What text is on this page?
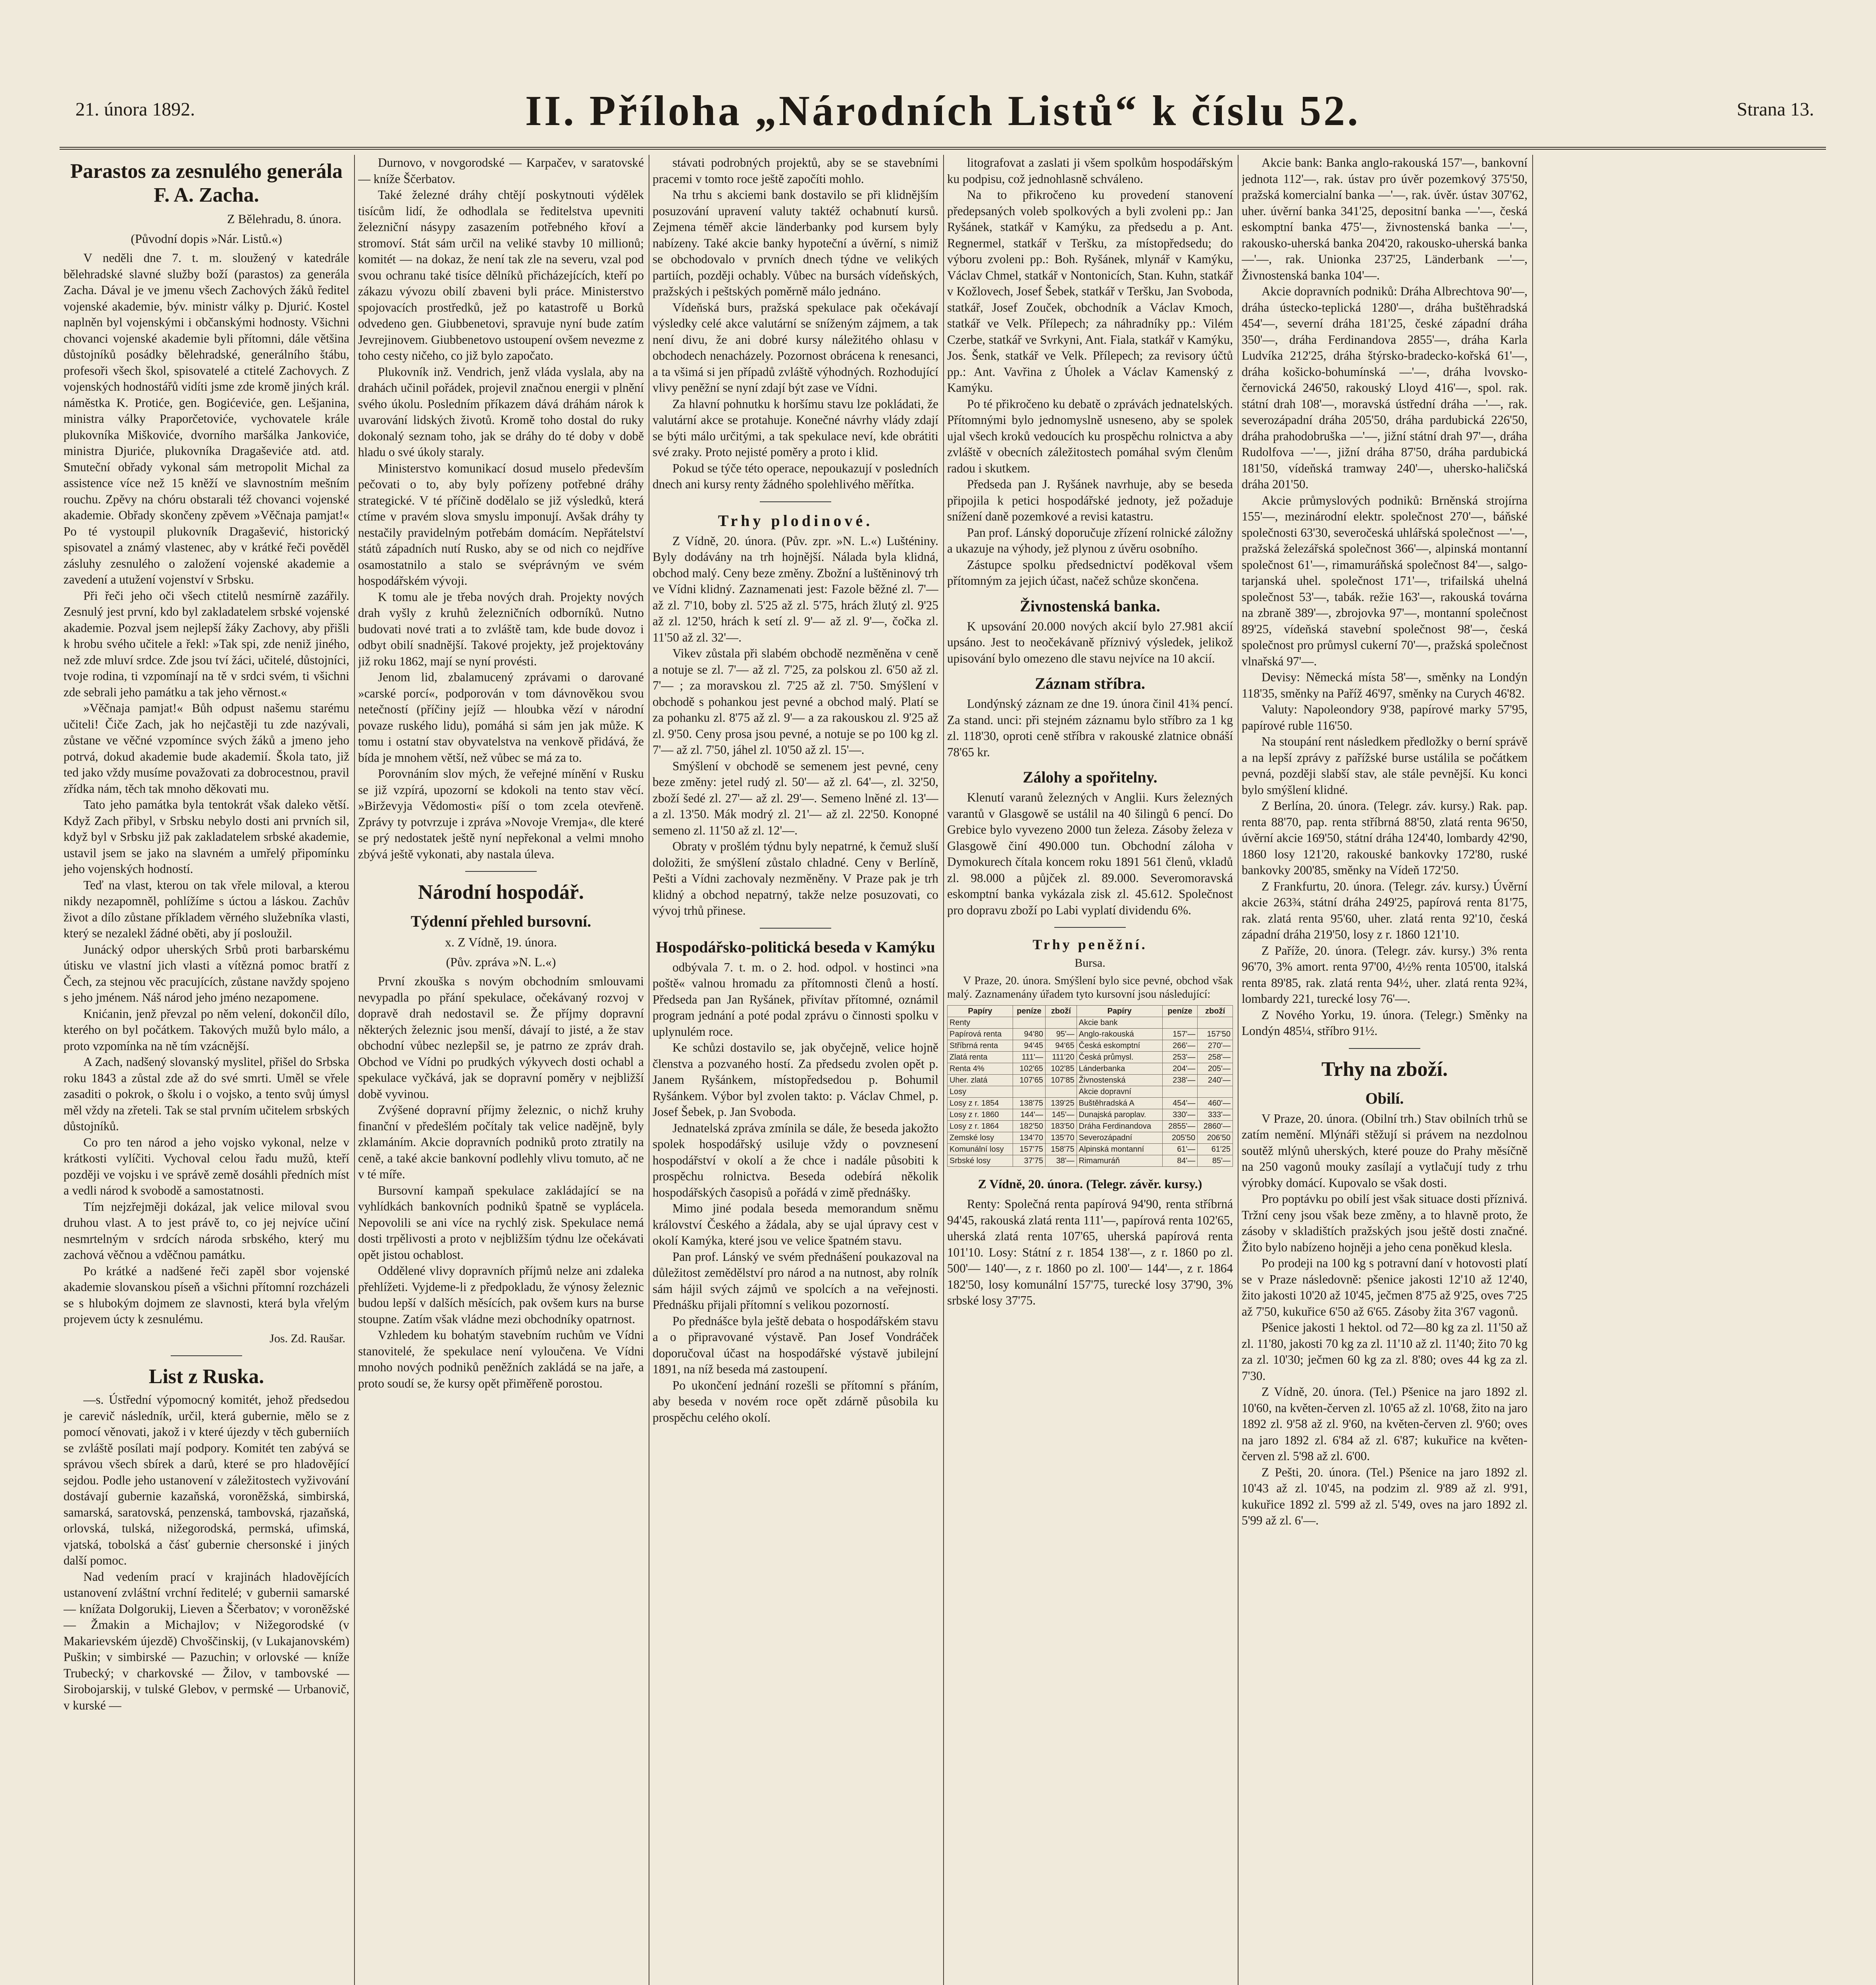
21. února 1892.	II. Příloha „Národních Listů“ k číslu 52.	Strana 13.
Parastos za zesnulého generála F. A. Zacha.
Z Bělehradu, 8. února.
(Původní dopis »Nár. Listů.«)

V neděli dne 7. t. m. sloužený v katedrále bělehradské slavné služby boží (parastos) za generála Zacha. Dával je ve jmenu všech Zachových žáků ředitel vojenské akademie, býv. ministr války p. Djurić. Kostel naplněn byl vojenskými i občanskými hodnosty. Všichni chovanci vojenské akademie byli přítomni, dále většina důstojníků posádky bělehradské, generálního štábu, profesoři všech škol, spisovatelé a ctitelé Zachovych. Z vojenských hodnostářů vidíti jsme zde kromě jiných král. náměstka K. Protiće, gen. Bogićeviće, gen. Lešjanina, ministra války Praporčetoviće, vychovatele krále plukovníka Miškoviće, dvorního maršálka Jankoviće, ministra Djuriće, plukovníka Dragaševiće atd. atd. Smuteční obřady vykonal sám metropolit Michal za assistence více než 15 kněží ve slavnostním mešním rouchu. Zpěvy na chóru obstarali též chovanci vojenské akademie. Obřady skončeny zpěvem »Věčnaja pamjat!« Po té vystoupil plukovník Dragašević, historický spisovatel a známý vlastenec, aby v krátké řeči pověděl zásluhy zesnulého o založení vojenské akademie a zavedení a utužení vojenství v Srbsku.

Při řeči jeho oči všech ctitelů nesmírně zazářily. Zesnulý jest první, kdo byl zakladatelem srbské vojenské akademie. Pozval jsem nejlepší žáky Zachovy, aby přišli k hrobu svého učitele a řekl: »Tak spi, zde neniž jiného, než zde mluví srdce. Zde jsou tví žáci, učitelé, důstojníci, tvoje rodina, ti vzpomínají na tě v srdci svém, ti všichni zde sebrali jeho památku a tak jeho věrnost.«

»Věčnaja pamjat!« Bůh odpust našemu starému učiteli! Čiče Zach, jak ho nejčastěji tu zde nazývali, zůstane ve věčné vzpomínce svých žáků a jmeno jeho potrvá, dokud akademie bude akademií. Škola tato, již ted jako vždy musíme považovati za dobrocestnou, pravil zřídka nám, těch tak mnoho děkovati mu.

Tato jeho památka byla tentokrát však daleko větší. Když Zach přibyl, v Srbsku nebylo dosti ani prvních sil, když byl v Srbsku již pak zakladatelem srbské akademie, ustavil jsem se jako na slavném a umřelý připomínku jeho vojenských hodností.

Teď na vlast, kterou on tak vřele miloval, a kterou nikdy nezapomněl, pohlížíme s úctou a láskou. Zachův život a dílo zůstane příkladem věrného služebníka vlasti, který se nezalekl žádné oběti, aby jí posloužil.

Junácký odpor uherských Srbů proti barbarskému útisku ve vlastní jich vlasti a vítězná pomoc bratří z Čech, za stejnou věc pracujících, zůstane navždy spojeno s jeho jménem. Náš národ jeho jméno nezapomene.

Knićanin, jenž převzal po něm velení, dokončil dílo, kterého on byl počátkem. Takových mužů bylo málo, a proto vzpomínka na ně tím vzácnější.

A Zach, nadšený slovanský myslitel, přišel do Srbska roku 1843 a zůstal zde až do své smrti. Uměl se vřele zasaditi o pokrok, o školu i o vojsko, a tento svůj úmysl měl vždy na zřeteli. Tak se stal prvním učitelem srbských důstojníků.

Co pro ten národ a jeho vojsko vykonal, nelze v krátkosti vylíčiti. Vychoval celou řadu mužů, kteří později ve vojsku i ve správě země dosáhli předních míst a vedli národ k svobodě a samostatnosti.

Tím nejzřejměji dokázal, jak velice miloval svou druhou vlast. A to jest právě to, co jej nejvíce učiní nesmrtelným v srdcích národa srbského, který mu zachová věčnou a vděčnou památku.

Po krátké a nadšené řeči zapěl sbor vojenské akademie slovanskou píseň a všichni přítomní rozcházeli se s hlubokým dojmem ze slavnosti, která byla vřelým projevem úcty k zesnulému.

Jos. Zd. Raušar.
List z Ruska.

—s. Ústřední výpomocný komitét, jehož předsedou je carevič následník, určil, která gubernie, mělo se z pomocí věnovati, jakož i v které újezdy v těch guberniích se zvláště posílati mají podpory. Komitét ten zabývá se správou všech sbírek a darů, které se pro hladovějící sejdou. Podle jeho ustanovení v záležitostech vyživování dostávají gubernie kazaňská, voroněžská, simbirská, samarská, saratovská, penzenská, tambovská, rjazaňská, orlovská, tulská, nižegorodská, permská, ufimská, vjatská, tobolská a čásť gubernie chersonské i jiných další pomoc.

Nad vedením prací v krajinách hladovějících ustanovení zvláštní vrchní ředitelé; v gubernii samarské — knížata Dolgorukij, Lieven a Ščerbatov; v voroněžské — Žmakin a Michajlov; v Nižegorodské (v Makarievském újezdě) Chvoščinskij, (v Lukajanovském) Puškin; v simbirské — Pazuchin; v orlovské — kníže Trubecký; v charkovské — Žilov, v tambovské — Sirobojarskij, v tulské Glebov, v permské — Urbanovič, v kurské —

Durnovo, v novgorodské — Karpačev, v saratovské — kníže Ščerbatov.

Také železné dráhy chtějí poskytnouti výdělek tisícům lidí, že odhodlala se ředitelstva upevniti železniční násypy zasazením potřebného křoví a stromoví. Stát sám určil na veliké stavby 10 millionů; komitét — na dokaz, že není tak zle na severu, vzal pod svou ochranu také tisíce dělníků přicházejících, kteří po zákazu vývozu obilí zbaveni byli práce. Ministerstvo spojovacích prostředků, jež po katastrofě u Borků odvedeno gen. Giubbenetovi, spravuje nyní bude zatím Jevrejinovem. Giubbenetovo ustoupení ovšem nevezme z toho cesty ničeho, co již bylo započato.

Plukovník inž. Vendrich, jenž vláda vyslala, aby na drahách učinil pořádek, projevil značnou energii v plnění svého úkolu. Posledním příkazem dává dráhám nárok k uvarování lidských životů. Kromě toho dostal do ruky dokonalý seznam toho, jak se dráhy do té doby v době hladu o své úkoly staraly.

Ministerstvo komunikací dosud muselo především pečovati o to, aby byly pořízeny potřebné dráhy strategické. V té příčině dodělalo se již výsledků, která ctíme v pravém slova smyslu imponují. Avšak dráhy ty nestačily pravidelným potřebám domácím. Nepřátelství států západních nutí Rusko, aby se od nich co nejdříve osamostatnilo a stalo se svéprávným ve svém hospodářském vývoji.

K tomu ale je třeba nových drah. Projekty nových drah vyšly z kruhů železničních odborníků. Nutno budovati nové trati a to zvláště tam, kde bude dovoz i odbyt obilí snadnější. Takové projekty, jež projektovány již roku 1862, mají se nyní provésti.

Jenom lid, zbalamucený zprávami o darované »carské porcí«, podporován v tom dávnověkou svou netečností (příčiny jejíž — hloubka vězí v národní povaze ruského lidu), pomáhá si sám jen jak může. K tomu i ostatní stav obyvatelstva na venkově přidává, že bída je mnohem větší, než vůbec se má za to.

Porovnáním slov mých, že veřejné mínění v Rusku se již vzpírá, upozorní se kdokoli na tento stav věcí. »Birževyja Vědomosti« píší o tom zcela otevřeně. Zprávy ty potvrzuje i zpráva »Novoje Vremja«, dle které se prý nedostatek ještě nyní nepřekonal a velmi mnoho zbývá ještě vykonati, aby nastala úleva.

Národní hospodář.
Týdenní přehled bursovní.
x. Z Vídně, 19. února.
(Pův. zpráva »N. L.«)

První zkouška s novým obchodním smlouvami nevypadla po přání spekulace, očekávaný rozvoj v dopravě drah nedostavil se. Že příjmy dopravní některých železnic jsou menší, dávají to jisté, a že stav obchodní vůbec nezlepšil se, je patrno ze zpráv drah. Obchod ve Vídni po prudkých výkyvech dosti ochabl a spekulace vyčkává, jak se dopravní poměry v nejbližší době vyvinou.

Zvýšené dopravní příjmy železnic, o nichž kruhy finanční v předešlém počítaly tak velice nadějně, byly zklamáním. Akcie dopravních podniků proto ztratily na ceně, a také akcie bankovní podlehly vlivu tomuto, ač ne v té míře.

Bursovní kampaň spekulace zakládající se na vyhlídkách bankovních podniků špatně se vyplácela. Nepovolili se ani více na rychlý zisk. Spekulace nemá dosti trpělivosti a proto v nejbližším týdnu lze očekávati opět jistou ochablost.

Oddělené vlivy dopravních příjmů nelze ani zdaleka přehlížeti. Vyjdeme-li z předpokladu, že výnosy železnic budou lepší v dalších měsících, pak ovšem kurs na burse stoupne. Zatím však vládne mezi obchodníky opatrnost.

Vzhledem ku bohatým stavebním ruchům ve Vídni stanovitelé, že spekulace není vyloučena. Ve Vídni mnoho nových podniků peněžních zakládá se na jaře, a proto soudí se, že kursy opět přiměřeně porostou.

stávati podrobných projektů, aby se se stavebními pracemi v tomto roce ještě započíti mohlo.

Na trhu s akciemi bank dostavilo se při klidnějším posuzování upravení valuty taktéž ochabnutí kursů. Zejmena téměř akcie länderbanky pod kursem byly nabízeny. Také akcie banky hypoteční a úvěrní, s nimiž se obchodovalo v prvních dnech týdne ve velikých partiích, později ochably. Vůbec na bursách vídeňských, pražských i peštských poměrně málo jednáno.

Vídeňská burs, pražská spekulace pak očekávají výsledky celé akce valutární se sníženým zájmem, a tak není divu, že ani dobré kursy náležitého ohlasu v obchodech nenacházely. Pozornost obrácena k renesanci, a ta všimá si jen případů zvláště výhodných. Rozhodující vlivy peněžní se nyní zdají být zase ve Vídni.

Za hlavní pohnutku k horšímu stavu lze pokládati, že valutární akce se protahuje. Konečné návrhy vlády zdají se býti málo určitými, a tak spekulace neví, kde obrátiti své zraky. Proto nejisté poměry a proto i klid.

Pokud se týče této operace, nepoukazují v posledních dnech ani kursy renty žádného spolehlivého měřítka.

Trhy plodinové.

Z Vídně, 20. února. (Pův. zpr. »N. L.«) Lušténiny. Byly dodávány na trh hojnější. Nálada byla klidná, obchod malý. Ceny beze změny. Zbožní a luštěninový trh ve Vídni klidný. Zaznamenati jest: Fazole běžné zl. 7'— až zl. 7'10, boby zl. 5'25 až zl. 5'75, hrách žlutý zl. 9'25 až zl. 12'50, hrách k setí zl. 9'— až zl. 9'—, čočka zl. 11'50 až zl. 32'—.

Vikev zůstala při slabém obchodě nezměněna v ceně a notuje se zl. 7'— až zl. 7'25, za polskou zl. 6'50 až zl. 7'— ; za moravskou zl. 7'25 až zl. 7'50. Smýšlení v obchodě s pohankou jest pevné a obchod malý. Platí se za pohanku zl. 8'75 až zl. 9'— a za rakouskou zl. 9'25 až zl. 9'50. Ceny prosa jsou pevné, a notuje se po 100 kg zl. 7'— až zl. 7'50, jáhel zl. 10'50 až zl. 15'—.

Smýšlení v obchodě se semenem jest pevné, ceny beze změny: jetel rudý zl. 50'— až zl. 64'—, zl. 32'50, zboží šedé zl. 27'— až zl. 29'—. Semeno lněné zl. 13'— a zl. 13'50. Mák modrý zl. 21'— až zl. 22'50. Konopné semeno zl. 11'50 až zl. 12'—.

Obraty v prošlém týdnu byly nepatrné, k čemuž sluší doložiti, že smýšlení zůstalo chladné. Ceny v Berlíně, Pešti a Vídni zachovaly nezměněny. V Praze pak je trh klidný a obchod nepatrný, takže nelze posuzovati, co vývoj trhů přinese.

Hospodářsko-politická beseda v Kamýku

odbývala 7. t. m. o 2. hod. odpol. v hostinci »na poště« valnou hromadu za přítomnosti členů a hostí. Předseda pan Jan Ryšánek, přivítav přítomné, oznámil program jednání a poté podal zprávu o činnosti spolku v uplynulém roce.

Ke schůzi dostavilo se, jak obyčejně, velice hojně členstva a pozvaného hostí. Za předsedu zvolen opět p. Janem Ryšánkem, místopředsedou p. Bohumil Ryšánkem. Výbor byl zvolen takto: p. Václav Chmel, p. Josef Šebek, p. Jan Svoboda.

Jednatelská zpráva zmínila se dále, že beseda jakožto spolek hospodářský usiluje vždy o povznesení hospodářství v okolí a že chce i nadále působiti k prospěchu rolnictva. Beseda odebírá několik hospodářských časopisů a pořádá v zimě přednášky.

Mimo jiné podala beseda memorandum sněmu království Českého a žádala, aby se ujal úpravy cest v okolí Kamýka, které jsou ve velice špatném stavu.

Pan prof. Lánský ve svém přednášení poukazoval na důležitost zemědělství pro národ a na nutnost, aby rolník sám hájil svých zájmů ve spolcích a na veřejnosti. Přednášku přijali přítomní s velikou pozorností.

Po přednášce byla ještě debata o hospodářském stavu a o připravované výstavě. Pan Josef Vondráček doporučoval účast na hospodářské výstavě jubilejní 1891, na níž beseda má zastoupení.

Po ukončení jednání rozešli se přítomní s přáním, aby beseda v novém roce opět zdárně působila ku prospěchu celého okolí.

litografovat a zaslati ji všem spolkům hospodářským ku podpisu, což jednohlasně schváleno.

Na to přikročeno ku provedení stanovení předepsaných voleb spolkových a byli zvoleni pp.: Jan Ryšánek, statkář v Kamýku, za předsedu a p. Ant. Regnermel, statkář v Teršku, za místopředsedu; do výboru zvoleni pp.: Boh. Ryšánek, mlynář v Kamýku, Václav Chmel, statkář v Nontonicích, Stan. Kuhn, statkář v Kožlovech, Josef Šebek, statkář v Teršku, Jan Svoboda, statkář, Josef Zouček, obchodník a Václav Kmoch, statkář ve Velk. Přílepech; za náhradníky pp.: Vilém Czerbe, statkář ve Svrkyni, Ant. Fiala, statkář v Kamýku, Jos. Šenk, statkář ve Velk. Přílepech; za revisory účtů pp.: Ant. Vavřina z Úholek a Václav Kamenský z Kamýku.

Po té přikročeno ku debatě o zprávách jednatelských. Přítomnými bylo jednomyslně usneseno, aby se spolek ujal všech kroků vedoucích ku prospěchu rolnictva a aby zvláště v obecních záležitostech pomáhal svým členům radou i skutkem.

Předseda pan J. Ryšánek navrhuje, aby se beseda připojila k petici hospodářské jednoty, jež požaduje snížení daně pozemkové a revisi katastru.

Pan prof. Lánský doporučuje zřízení rolnické záložny a ukazuje na výhody, jež plynou z úvěru osobního.

Zástupce spolku předsednictví poděkoval všem přítomným za jejich účast, načež schůze skončena.

Živnostenská banka.

K upsování 20.000 nových akcií bylo 27.981 akcií upsáno. Jest to neočekávaně příznivý výsledek, jelikož upisování bylo omezeno dle stavu nejvíce na 10 akcií.

Záznam stříbra.

Londýnský záznam ze dne 19. února činil 41¾ pencí. Za stand. unci: při stejném záznamu bylo stříbro za 1 kg zl. 118'30, oproti ceně stříbra v rakouské zlatnice obnáší 78'65 kr.

Zálohy a spořitelny.

Klenutí varanů železných v Anglii. Kurs železných varantů v Glasgowě se ustálil na 40 šilingů 6 pencí. Do Grebice bylo vyvezeno 2000 tun železa. Zásoby železa v Glasgowě činí 490.000 tun. Obchodní záloha v Dymokurech čítala koncem roku 1891 561 členů, vkladů zl. 98.000 a půjček zl. 89.000. Severomoravská eskomptní banka vykázala zisk zl. 45.612. Společnost pro dopravu zboží po Labi vyplatí dividendu 6%.

Trhy peněžní.
Bursa.
V Praze, 20. února. Smýšlení bylo sice pevné, obchod však malý. Zaznamenány úřadem tyto kursovní jsou následující:
Papíry	peníze	zboží	Papíry	peníze	zboží
Renty			Akcie bank		
Papírová renta	94'80	95'—	Anglo-rakouská	157'—	157'50
Stříbrná renta	94'45	94'65	Česká eskomptní	266'—	270'—
Zlatá renta	111'—	111'20	Česká průmysl.	253'—	258'—
Renta 4%	102'65	102'85	Lánderbanka	204'—	205'—
Uher. zlatá	107'65	107'85	Živnostenská	238'—	240'—
Losy			Akcie dopravní		
Losy z r. 1854	138'75	139'25	Buštěhradská A	454'—	460'—
Losy z r. 1860	144'—	145'—	Dunajská paroplav.	330'—	333'—
Losy z r. 1864	182'50	183'50	Dráha Ferdinandova	2855'—	2860'—
Zemské losy	134'70	135'70	Severozápadní	205'50	206'50
Komunální losy	157'75	158'75	Alpinská montanní	61'—	61'25
Srbské losy	37'75	38'—	Rimamuráň	84'—	85'—
Z Vídně, 20. února. (Telegr. závěr. kursy.)

Renty: Společná renta papírová 94'90, renta stříbrná 94'45, rakouská zlatá renta 111'—, papírová renta 102'65, uherská zlatá renta 107'65, uherská papírová renta 101'10. Losy: Státní z r. 1854 138'—, z r. 1860 po zl. 500'— 140'—, z r. 1860 po zl. 100'— 144'—, z r. 1864 182'50, losy komunální 157'75, turecké losy 37'90, 3% srbské losy 37'75.

Akcie bank: Banka anglo-rakouská 157'—, bankovní jednota 112'—, rak. ústav pro úvěr pozemkový 375'50, pražská komercialní banka —'—, rak. úvěr. ústav 307'62, uher. úvěrní banka 341'25, depositní banka —'—, česká eskomptní banka 475'—, živnostenská banka —'—, rakousko-uherská banka 204'20, rakousko-uherská banka —'—, rak. Unionka 237'25, Länderbank —'—, Živnostenská banka 104'—.

Akcie dopravních podniků: Dráha Albrechtova 90'—, dráha ústecko-teplická 1280'—, dráha buštěhradská 454'—, severní dráha 181'25, české západní dráha 350'—, dráha Ferdinandova 2855'—, dráha Karla Ludvíka 212'25, dráha štýrsko-bradecko-kořská 61'—, dráha košicko-bohumínská —'—, dráha lvovsko-černovická 246'50, rakouský Lloyd 416'—, spol. rak. státní drah 108'—, moravská ústřední dráha —'—, rak. severozápadní dráha 205'50, dráha pardubická 226'50, dráha prahodobruška —'—, jižní státní drah 97'—, dráha Rudolfova —'—, jižní dráha 87'50, dráha pardubická 181'50, vídeňská tramway 240'—, uhersko-haličská dráha 201'50.

Akcie průmyslových podniků: Brněnská strojírna 155'—, mezinárodní elektr. společnost 270'—, báňské společnosti 63'30, severočeská uhlářská společnost —'—, pražská železářská společnost 366'—, alpinská montanní společnost 61'—, rimamuráňská společnost 84'—, salgo-tarjanská uhel. společnost 171'—, trifailská uhelná společnost 53'—, tabák. režie 163'—, rakouská továrna na zbraně 389'—, zbrojovka 97'—, montanní společnost 89'25, vídeňská stavební společnost 98'—, česká společnost pro průmysl cukerní 70'—, pražská společnost vlnařská 97'—.

Devisy: Německá místa 58'—, směnky na Londýn 118'35, směnky na Paříž 46'97, směnky na Curych 46'82.

Valuty: Napoleondory 9'38, papírové marky 57'95, papírové ruble 116'50.

Na stoupání rent následkem předložky o berní správě a na lepší zprávy z pařížské burse ustálila se počátkem pevná, později slabší stav, ale stále pevnější. Ku konci bylo smýšlení klidné.

Z Berlína, 20. února. (Telegr. záv. kursy.) Rak. pap. renta 88'70, pap. renta stříbrná 88'50, zlatá renta 96'50, úvěrní akcie 169'50, státní dráha 124'40, lombardy 42'90, 1860 losy 121'20, rakouské bankovky 172'80, ruské bankovky 200'85, směnky na Vídeň 172'50.

Z Frankfurtu, 20. února. (Telegr. záv. kursy.) Úvěrní akcie 263¾, státní dráha 249'25, papírová renta 81'75, rak. zlatá renta 95'60, uher. zlatá renta 92'10, česká západní dráha 219'50, losy z r. 1860 121'10.

Z Paříže, 20. února. (Telegr. záv. kursy.) 3% renta 96'70, 3% amort. renta 97'00, 4½% renta 105'00, italská renta 89'85, rak. zlatá renta 94½, uher. zlatá renta 92¾, lombardy 221, turecké losy 76'—.

Z Nového Yorku, 19. února. (Telegr.) Směnky na Londýn 485¼, stříbro 91½.

Trhy na zboží.
Obilí.

V Praze, 20. února. (Obilní trh.) Stav obilních trhů se zatím nemění. Mlýnáři stěžují si právem na nezdolnou soutěž mlýnů uherských, které pouze do Prahy měsíčně na 250 vagonů mouky zasílají a vytlačují tudy z trhu výrobky domácí. Kupovalo se však dosti.

Pro poptávku po obilí jest však situace dosti příznivá. Tržní ceny jsou však beze změny, a to hlavně proto, že zásoby v skladištích pražských jsou ještě dosti značné. Žito bylo nabízeno hojněji a jeho cena poněkud klesla.

Po prodeji na 100 kg s potravní daní v hotovosti platí se v Praze následovně: pšenice jakosti 12'10 až 12'40, žito jakosti 10'20 až 10'45, ječmen 8'75 až 9'25, oves 7'25 až 7'50, kukuřice 6'50 až 6'65. Zásoby žita 3'67 vagonů.

Pšenice jakosti 1 hektol. od 72—80 kg za zl. 11'50 až zl. 11'80, jakosti 70 kg za zl. 11'10 až zl. 11'40; žito 70 kg za zl. 10'30; ječmen 60 kg za zl. 8'80; oves 44 kg za zl. 7'30.

Z Vídně, 20. února. (Tel.) Pšenice na jaro 1892 zl. 10'60, na květen-červen zl. 10'65 až zl. 10'68, žito na jaro 1892 zl. 9'58 až zl. 9'60, na květen-červen zl. 9'60; oves na jaro 1892 zl. 6'84 až zl. 6'87; kukuřice na květen-červen zl. 5'98 až zl. 6'00.

Z Pešti, 20. února. (Tel.) Pšenice na jaro 1892 zl. 10'43 až zl. 10'45, na podzim zl. 9'89 až zl. 9'91, kukuřice 1892 zl. 5'99 až zl. 5'49, oves na jaro 1892 zl. 5'99 až zl. 6'—.
